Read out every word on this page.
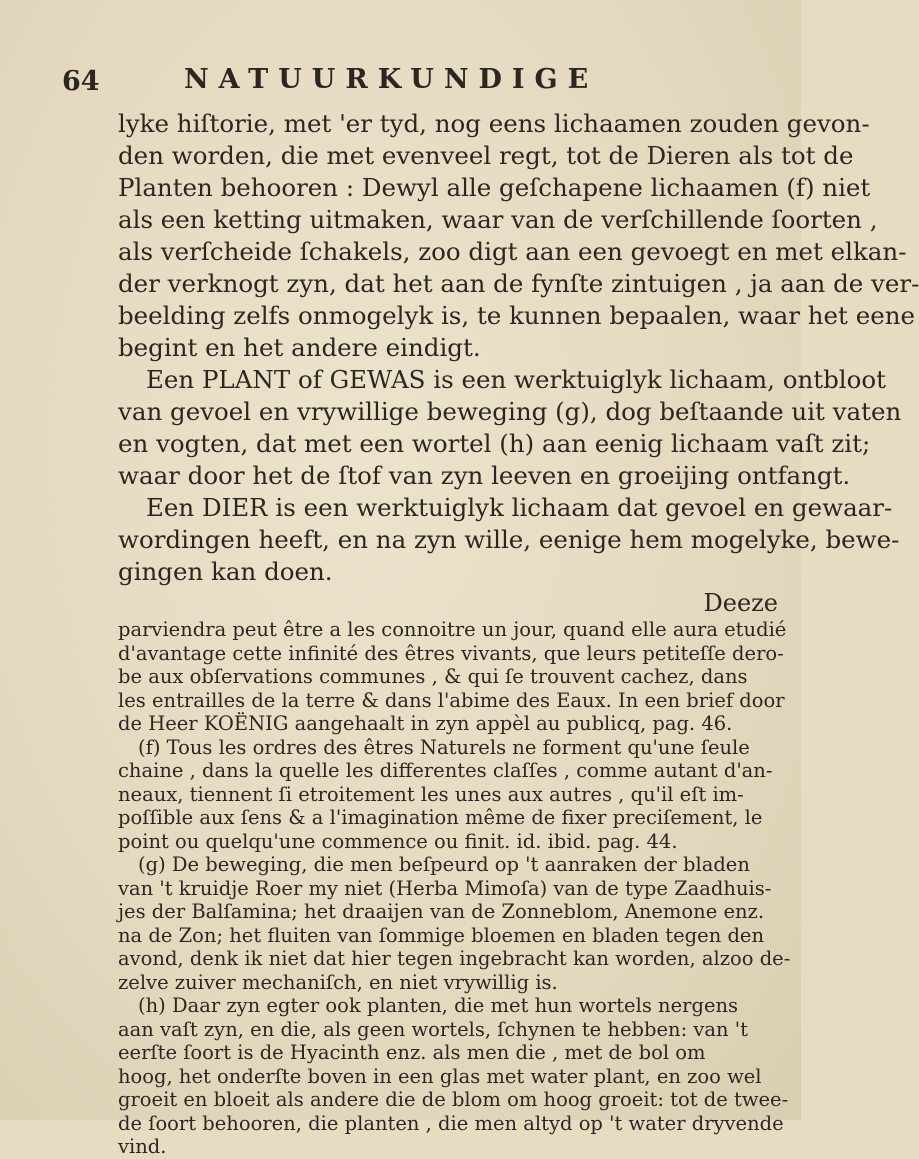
64	NATUURKUNDIGE

lyke hiſtorie, met 'er tyd, nog eens lichaamen zouden gevon-

den worden, die met evenveel regt, tot de Dieren als tot de

Planten behooren : Dewyl alle geſchapene lichaamen (f) niet

als een ketting uitmaken, waar van de verſchillende ſoorten ,

als verſcheide ſchakels, zoo digt aan een gevoegt en met elkan-

der verknogt zyn, dat het aan de fynſte zintuigen , ja aan de ver-

beelding zelfs onmogelyk is, te kunnen bepaalen, waar het eene

begint en het andere eindigt.

Een PLANT of GEWAS is een werktuiglyk lichaam, ontbloot

van gevoel en vrywillige beweging (g), dog beſtaande uit vaten

en vogten, dat met een wortel (h) aan eenig lichaam vaſt zit;

waar door het de ſtof van zyn leeven en groeijing ontfangt.

Een DIER is een werktuiglyk lichaam dat gevoel en gewaar-

wordingen heeft, en na zyn wille, eenige hem mogelyke, bewe-

gingen kan doen.

Deeze

parviendra peut être a les connoitre un jour, quand elle aura etudié

d'avantage cette infinité des êtres vivants, que leurs petiteſſe dero-

be aux obſervations communes , & qui ſe trouvent cachez, dans

les entrailles de la terre & dans l'abime des Eaux. In een brief door

de Heer KOËNIG aangehaalt in zyn appèl au publicq, pag. 46.

(f) Tous les ordres des êtres Naturels ne forment qu'une ſeule

chaine , dans la quelle les differentes claſſes , comme autant d'an-

neaux, tiennent ſi etroitement les unes aux autres , qu'il eſt im-

poſſible aux ſens & a l'imagination même de fixer preciſement, le

point ou quelqu'une commence ou finit. id. ibid. pag. 44.

(g) De beweging, die men beſpeurd op 't aanraken der bladen

van 't kruidje Roer my niet (Herba Mimoſa) van de type Zaadhuis-

jes der Balſamina; het draaijen van de Zonneblom, Anemone enz.

na de Zon; het fluiten van ſommige bloemen en bladen tegen den

avond, denk ik niet dat hier tegen ingebracht kan worden, alzoo de-

zelve zuiver mechaniſch, en niet vrywillig is.

(h) Daar zyn egter ook planten, die met hun wortels nergens

aan vaſt zyn, en die, als geen wortels, ſchynen te hebben: van 't

eerſte ſoort is de Hyacinth enz. als men die , met de bol om

hoog, het onderſte boven in een glas met water plant, en zoo wel

groeit en bloeit als andere die de blom om hoog groeit: tot de twee-

de ſoort behooren, die planten , die men altyd op 't water dryvende

vind.
